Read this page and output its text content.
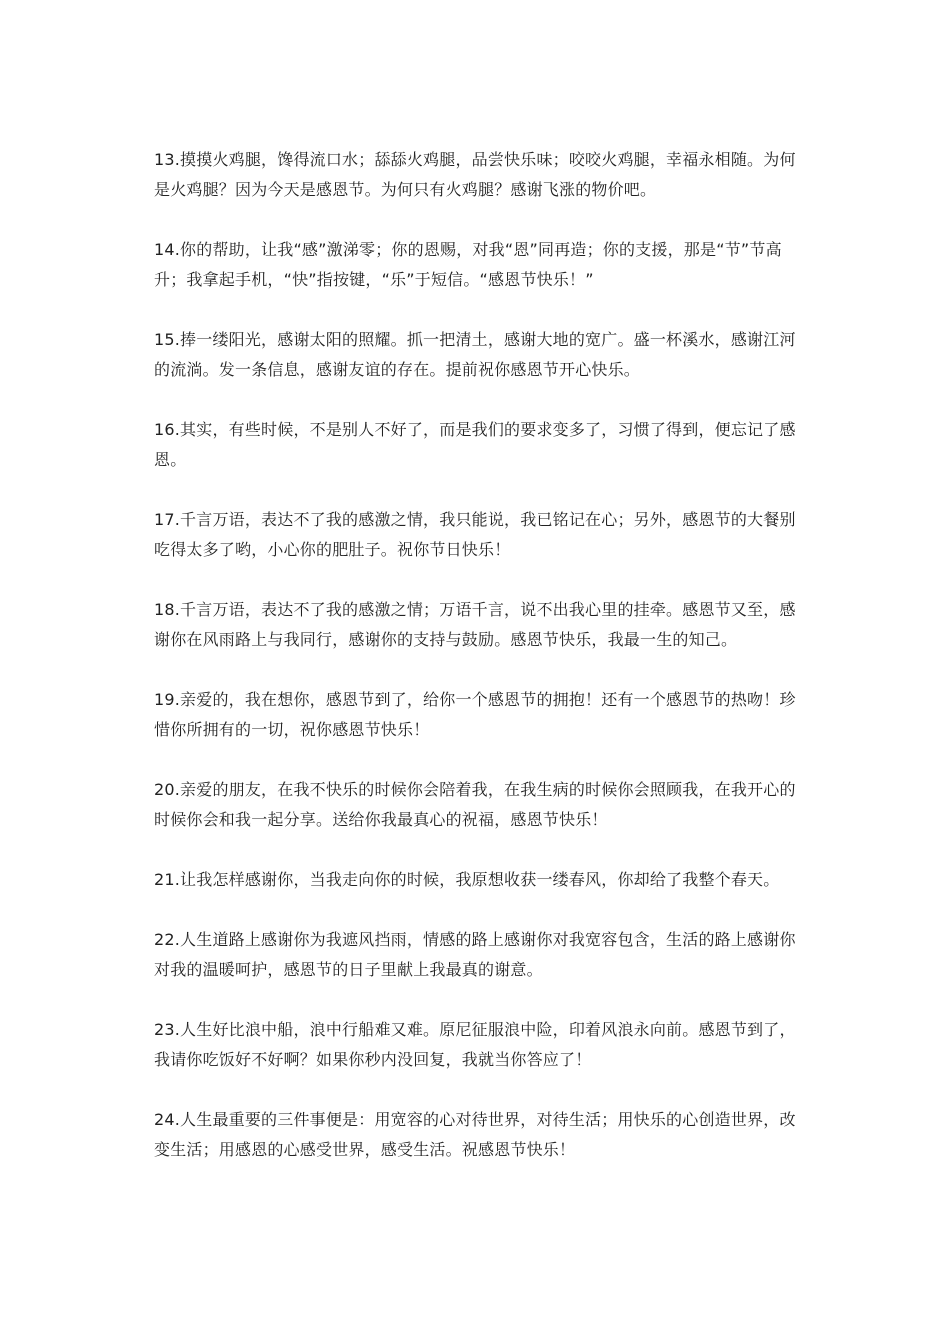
13.摸摸火鸡腿，馋得流口水；舔舔火鸡腿，品尝快乐味；咬咬火鸡腿，幸福永相随。为何是火鸡腿？因为今天是感恩节。为何只有火鸡腿？感谢飞涨的物价吧。

14.你的帮助，让我“感”激涕零；你的恩赐，对我“恩”同再造；你的支援，那是“节”节高升；我拿起手机，“快”指按键，“乐”于短信。“感恩节快乐！”

15.捧一缕阳光，感谢太阳的照耀。抓一把清土，感谢大地的宽广。盛一杯溪水，感谢江河的流淌。发一条信息，感谢友谊的存在。提前祝你感恩节开心快乐。

16.其实，有些时候，不是别人不好了，而是我们的要求变多了，习惯了得到，便忘记了感恩。

17.千言万语，表达不了我的感激之情，我只能说，我已铭记在心；另外，感恩节的大餐别吃得太多了哟，小心你的肥肚子。祝你节日快乐！

18.千言万语，表达不了我的感激之情；万语千言，说不出我心里的挂牵。感恩节又至，感谢你在风雨路上与我同行，感谢你的支持与鼓励。感恩节快乐，我最一生的知己。

19.亲爱的，我在想你，感恩节到了，给你一个感恩节的拥抱！还有一个感恩节的热吻！珍惜你所拥有的一切，祝你感恩节快乐！

20.亲爱的朋友，在我不快乐的时候你会陪着我，在我生病的时候你会照顾我，在我开心的时候你会和我一起分享。送给你我最真心的祝福，感恩节快乐！

21.让我怎样感谢你，当我走向你的时候，我原想收获一缕春风，你却给了我整个春天。

22.人生道路上感谢你为我遮风挡雨，情感的路上感谢你对我宽容包含，生活的路上感谢你对我的温暖呵护，感恩节的日子里献上我最真的谢意。

23.人生好比浪中船，浪中行船难又难。原尼征服浪中险，印着风浪永向前。感恩节到了，我请你吃饭好不好啊？如果你秒内没回复，我就当你答应了！

24.人生最重要的三件事便是：用宽容的心对待世界，对待生活；用快乐的心创造世界，改变生活；用感恩的心感受世界，感受生活。祝感恩节快乐！
